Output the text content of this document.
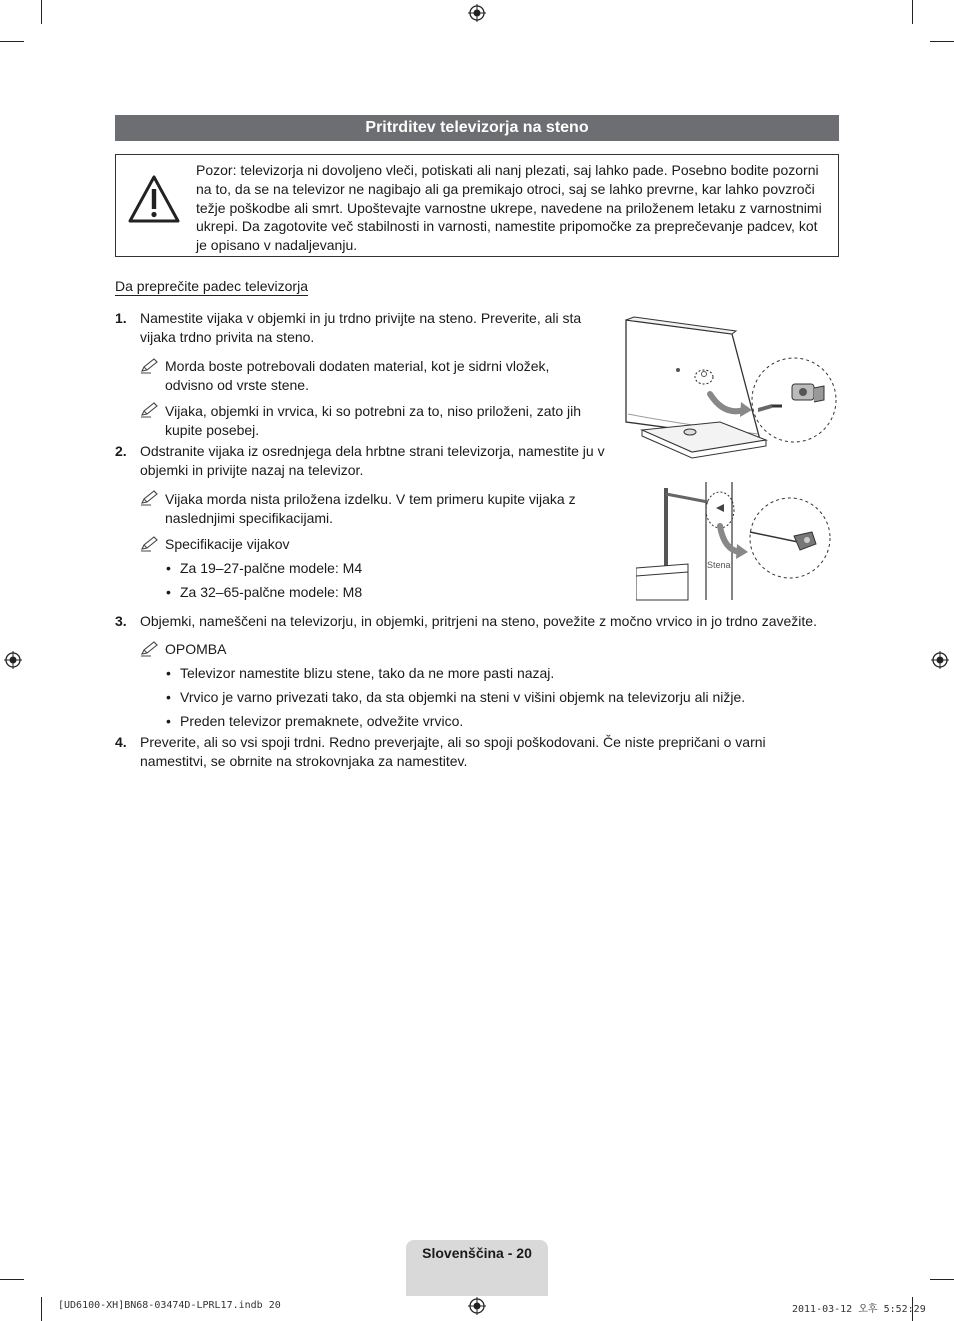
Pritrditev televizorja na steno
Pozor: televizorja ni dovoljeno vleči, potiskati ali nanj plezati, saj lahko pade. Posebno bodite pozorni na to, da se na televizor ne nagibajo ali ga premikajo otroci, saj se lahko prevrne, kar lahko povzroči težje poškodbe ali smrt. Upoštevajte varnostne ukrepe, navedene na priloženem letaku z varnostnimi ukrepi. Da zagotovite več stabilnosti in varnosti, namestite pripomočke za preprečevanje padcev, kot je opisano v nadaljevanju.
Da preprečite padec televizorja
1. Namestite vijaka v objemki in ju trdno privijte na steno. Preverite, ali sta
vijaka trdno privita na steno.
Morda boste potrebovali dodaten material, kot je sidrni vložek,
odvisno od vrste stene.
Vijaka, objemki in vrvica, ki so potrebni za to, niso priloženi, zato jih
kupite posebej.
2. Odstranite vijaka iz osrednjega dela hrbtne strani televizorja, namestite ju v
objemki in privijte nazaj na televizor.
Vijaka morda nista priložena izdelku. V tem primeru kupite vijaka z
naslednjimi specifikacijami.
Specifikacije vijakov
• Za 19–27-palčne modele: M4
• Za 32–65-palčne modele: M8
3. Objemki, nameščeni na televizorju, in objemki, pritrjeni na steno, povežite z močno vrvico in jo trdno zavežite.
OPOMBA
• Televizor namestite blizu stene, tako da ne more pasti nazaj.
• Vrvico je varno privezati tako, da sta objemki na steni v višini objemk na televizorju ali nižje.
• Preden televizor premaknete, odvežite vrvico.
4. Preverite, ali so vsi spoji trdni. Redno preverjajte, ali so spoji poškodovani. Če niste prepričani o varni
namestitvi, se obrnite na strokovnjaka za namestitev.
Stena
Slovenščina - 20
[UD6100-XH]BN68-03474D-LPRL17.indb 20	2011-03-12 오후 5:52:29
